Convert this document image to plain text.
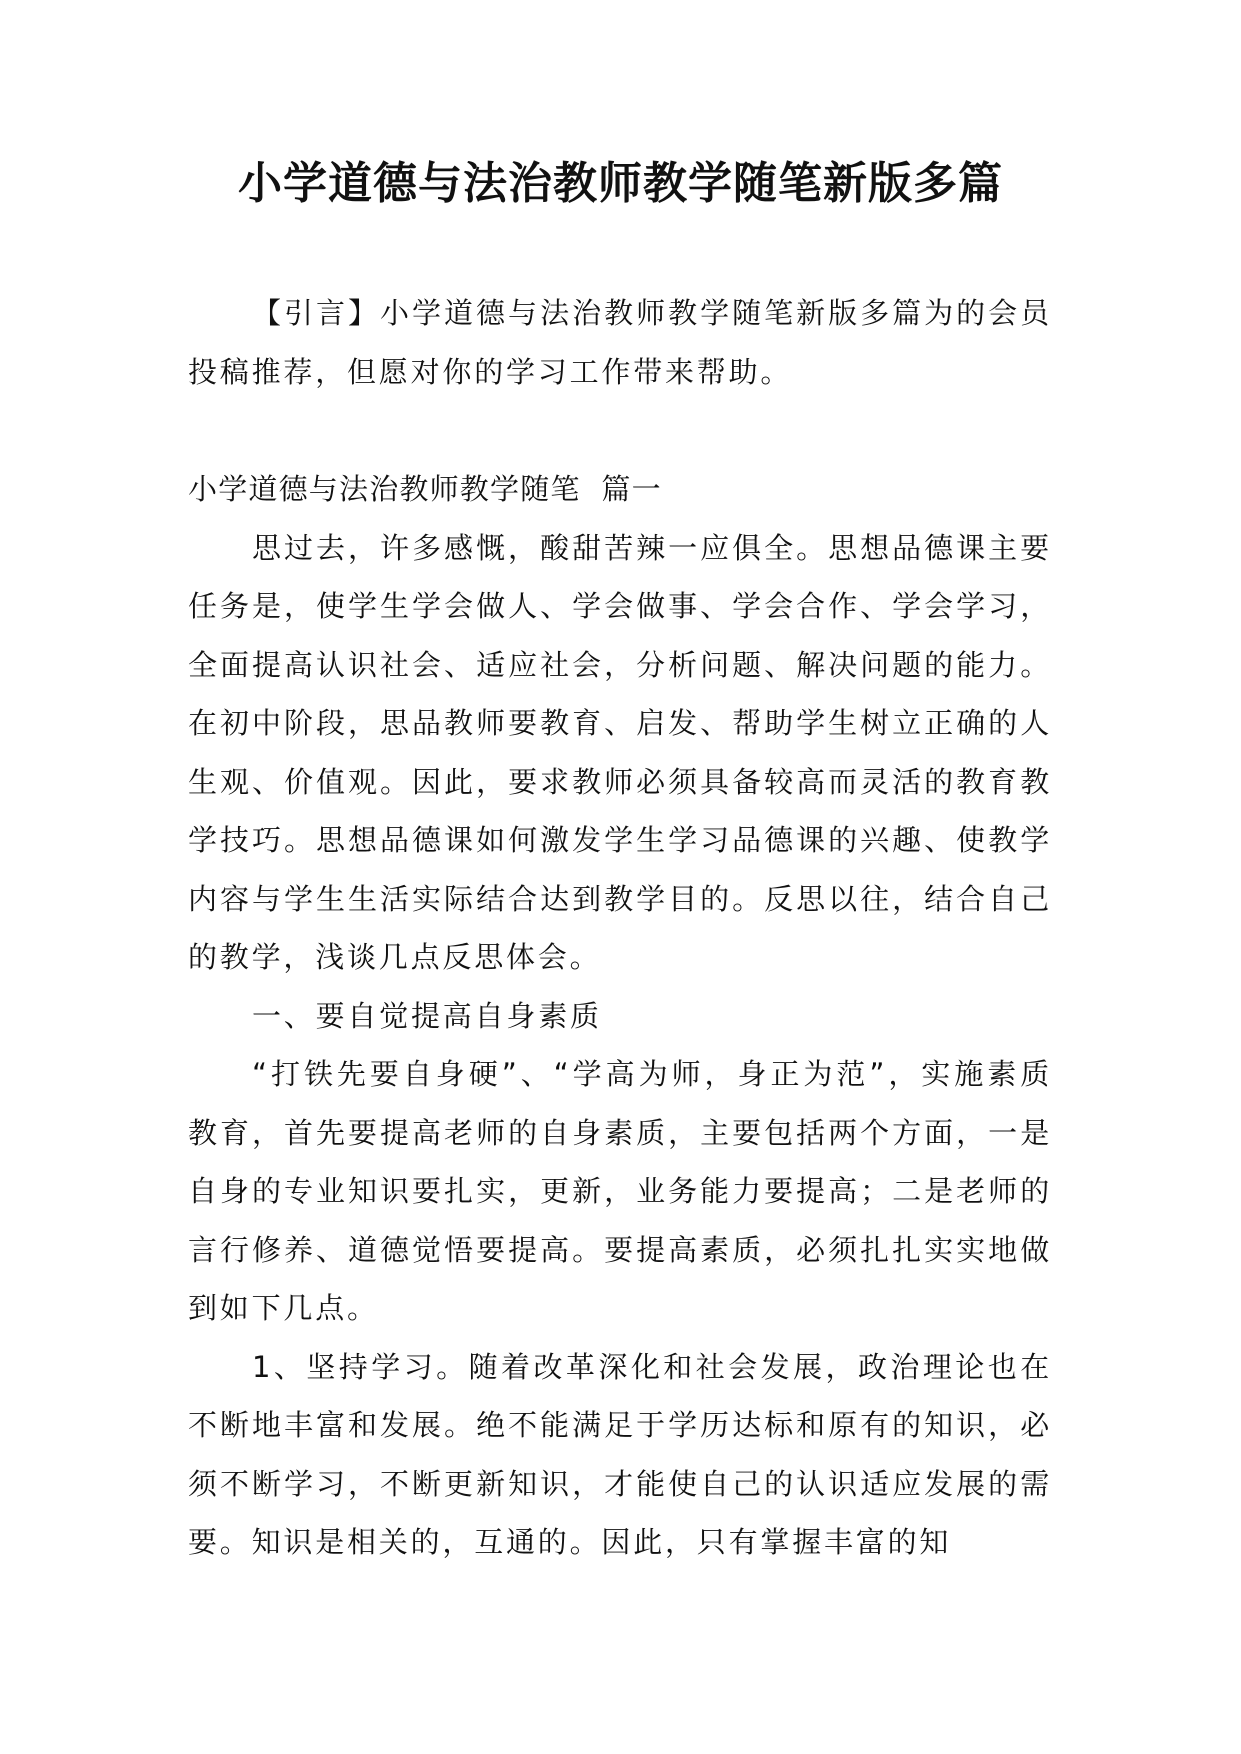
小学道德与法治教师教学随笔新版多篇

【引言】小学道德与法治教师教学随笔新版多篇为的会员投稿推荐，但愿对你的学习工作带来帮助。

小学道德与法治教师教学随笔  篇一

思过去，许多感慨，酸甜苦辣一应俱全。思想品德课主要任务是，使学生学会做人、学会做事、学会合作、学会学习，全面提高认识社会、适应社会，分析问题、解决问题的能力。在初中阶段，思品教师要教育、启发、帮助学生树立正确的人生观、价值观。因此，要求教师必须具备较高而灵活的教育教学技巧。思想品德课如何激发学生学习品德课的兴趣、使教学内容与学生生活实际结合达到教学目的。反思以往，结合自己的教学，浅谈几点反思体会。

一、要自觉提高自身素质

“打铁先要自身硬”、“学高为师，身正为范”，实施素质教育，首先要提高老师的自身素质，主要包括两个方面，一是自身的专业知识要扎实，更新，业务能力要提高；二是老师的言行修养、道德觉悟要提高。要提高素质，必须扎扎实实地做到如下几点。

1、坚持学习。随着改革深化和社会发展，政治理论也在不断地丰富和发展。绝不能满足于学历达标和原有的知识，必须不断学习，不断更新知识，才能使自己的认识适应发展的需要。知识是相关的，互通的。因此，只有掌握丰富的知
